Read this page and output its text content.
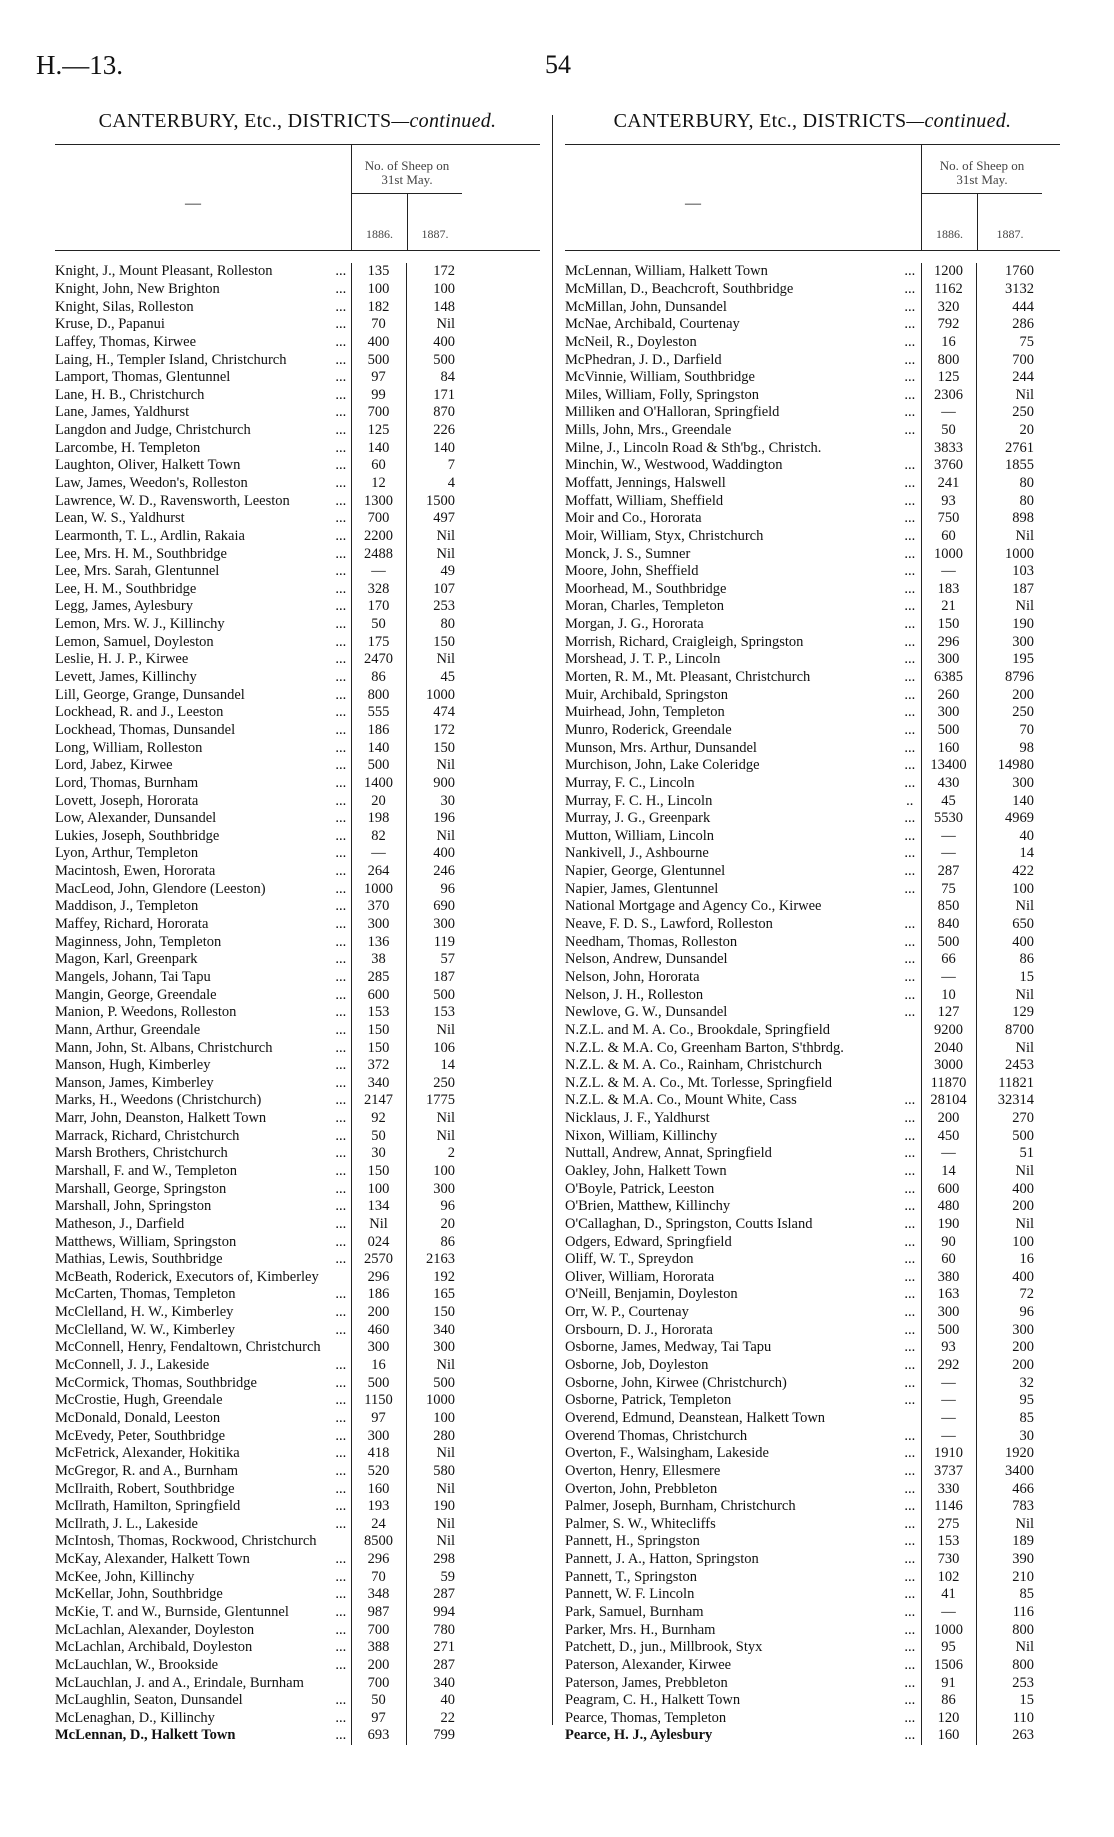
H.—13.	54
CANTERBURY, Etc., DISTRICTS—continued.
—
No. of Sheep on
31st May.
1886.	1887.
Knight, J., Mount Pleasant, Rolleston	...	135	172
Knight, John, New Brighton	...	100	100
Knight, Silas, Rolleston	...	182	148
Kruse, D., Papanui	...	70	Nil
Laffey, Thomas, Kirwee	...	400	400
Laing, H., Templer Island, Christchurch	...	500	500
Lamport, Thomas, Glentunnel	...	97	84
Lane, H. B., Christchurch	...	99	171
Lane, James, Yaldhurst	...	700	870
Langdon and Judge, Christchurch	...	125	226
Larcombe, H. Templeton	...	140	140
Laughton, Oliver, Halkett Town	...	60	7
Law, James, Weedon's, Rolleston	...	12	4
Lawrence, W. D., Ravensworth, Leeston	...	1300	1500
Lean, W. S., Yaldhurst	...	700	497
Learmonth, T. L., Ardlin, Rakaia	...	2200	Nil
Lee, Mrs. H. M., Southbridge	...	2488	Nil
Lee, Mrs. Sarah, Glentunnel	...	—	49
Lee, H. M., Southbridge	...	328	107
Legg, James, Aylesbury	...	170	253
Lemon, Mrs. W. J., Killinchy	...	50	80
Lemon, Samuel, Doyleston	...	175	150
Leslie, H. J. P., Kirwee	...	2470	Nil
Levett, James, Killinchy	...	86	45
Lill, George, Grange, Dunsandel	...	800	1000
Lockhead, R. and J., Leeston	...	555	474
Lockhead, Thomas, Dunsandel	...	186	172
Long, William, Rolleston	...	140	150
Lord, Jabez, Kirwee	...	500	Nil
Lord, Thomas, Burnham	...	1400	900
Lovett, Joseph, Hororata	...	20	30
Low, Alexander, Dunsandel	...	198	196
Lukies, Joseph, Southbridge	...	82	Nil
Lyon, Arthur, Templeton	...	—	400
Macintosh, Ewen, Hororata	...	264	246
MacLeod, John, Glendore (Leeston)	...	1000	96
Maddison, J., Templeton	...	370	690
Maffey, Richard, Hororata	...	300	300
Maginness, John, Templeton	...	136	119
Magon, Karl, Greenpark	...	38	57
Mangels, Johann, Tai Tapu	...	285	187
Mangin, George, Greendale	...	600	500
Manion, P. Weedons, Rolleston	...	153	153
Mann, Arthur, Greendale	...	150	Nil
Mann, John, St. Albans, Christchurch	...	150	106
Manson, Hugh, Kimberley	...	372	14
Manson, James, Kimberley	...	340	250
Marks, H., Weedons (Christchurch)	...	2147	1775
Marr, John, Deanston, Halkett Town	...	92	Nil
Marrack, Richard, Christchurch	...	50	Nil
Marsh Brothers, Christchurch	...	30	2
Marshall, F. and W., Templeton	...	150	100
Marshall, George, Springston	...	100	300
Marshall, John, Springston	...	134	96
Matheson, J., Darfield	...	Nil	20
Matthews, William, Springston	...	024	86
Mathias, Lewis, Southbridge	...	2570	2163
McBeath, Roderick, Executors of, Kimberley		296	192
McCarten, Thomas, Templeton	...	186	165
McClelland, H. W., Kimberley	...	200	150
McClelland, W. W., Kimberley	...	460	340
McConnell, Henry, Fendaltown, Christchurch		300	300
McConnell, J. J., Lakeside	...	16	Nil
McCormick, Thomas, Southbridge	...	500	500
McCrostie, Hugh, Greendale	...	1150	1000
McDonald, Donald, Leeston	...	97	100
McEvedy, Peter, Southbridge	...	300	280
McFetrick, Alexander, Hokitika	...	418	Nil
McGregor, R. and A., Burnham	...	520	580
McIlraith, Robert, Southbridge	...	160	Nil
McIlrath, Hamilton, Springfield	...	193	190
McIlrath, J. L., Lakeside	...	24	Nil
McIntosh, Thomas, Rockwood, Christchurch		8500	Nil
McKay, Alexander, Halkett Town	...	296	298
McKee, John, Killinchy	...	70	59
McKellar, John, Southbridge	...	348	287
McKie, T. and W., Burnside, Glentunnel	...	987	994
McLachlan, Alexander, Doyleston	...	700	780
McLachlan, Archibald, Doyleston	...	388	271
McLauchlan, W., Brookside	...	200	287
McLauchlan, J. and A., Erindale, Burnham		700	340
McLaughlin, Seaton, Dunsandel	...	50	40
McLenaghan, D., Killinchy	...	97	22
McLennan, D., Halkett Town	...	693	799
CANTERBURY, Etc., DISTRICTS—continued.
—
No. of Sheep on
31st May.
1886.	1887.
McLennan, William, Halkett Town	...	1200	1760
McMillan, D., Beachcroft, Southbridge	...	1162	3132
McMillan, John, Dunsandel	...	320	444
McNae, Archibald, Courtenay	...	792	286
McNeil, R., Doyleston	...	16	75
McPhedran, J. D., Darfield	...	800	700
McVinnie, William, Southbridge	...	125	244
Miles, William, Folly, Springston	...	2306	Nil
Milliken and O'Halloran, Springfield	...	—	250
Mills, John, Mrs., Greendale	...	50	20
Milne, J., Lincoln Road & Sth'bg., Christch.		3833	2761
Minchin, W., Westwood, Waddington	...	3760	1855
Moffatt, Jennings, Halswell	...	241	80
Moffatt, William, Sheffield	...	93	80
Moir and Co., Hororata	...	750	898
Moir, William, Styx, Christchurch	...	60	Nil
Monck, J. S., Sumner	...	1000	1000
Moore, John, Sheffield	...	—	103
Moorhead, M., Southbridge	...	183	187
Moran, Charles, Templeton	...	21	Nil
Morgan, J. G., Hororata	...	150	190
Morrish, Richard, Craigleigh, Springston	...	296	300
Morshead, J. T. P., Lincoln	...	300	195
Morten, R. M., Mt. Pleasant, Christchurch	...	6385	8796
Muir, Archibald, Springston	...	260	200
Muirhead, John, Templeton	...	300	250
Munro, Roderick, Greendale	...	500	70
Munson, Mrs. Arthur, Dunsandel	...	160	98
Murchison, John, Lake Coleridge	...	13400	14980
Murray, F. C., Lincoln	...	430	300
Murray, F. C. H., Lincoln	..	45	140
Murray, J. G., Greenpark	...	5530	4969
Mutton, William, Lincoln	...	—	40
Nankivell, J., Ashbourne	...	—	14
Napier, George, Glentunnel	...	287	422
Napier, James, Glentunnel	...	75	100
National Mortgage and Agency Co., Kirwee		850	Nil
Neave, F. D. S., Lawford, Rolleston	...	840	650
Needham, Thomas, Rolleston	...	500	400
Nelson, Andrew, Dunsandel	...	66	86
Nelson, John, Hororata	...	—	15
Nelson, J. H., Rolleston	...	10	Nil
Newlove, G. W., Dunsandel	...	127	129
N.Z.L. and M. A. Co., Brookdale, Springfield		9200	8700
N.Z.L. & M.A. Co, Greenham Barton, S'thbrdg.		2040	Nil
N.Z.L. & M. A. Co., Rainham, Christchurch		3000	2453
N.Z.L. & M. A. Co., Mt. Torlesse, Springfield		11870	11821
N.Z.L. & M.A. Co., Mount White, Cass	...	28104	32314
Nicklaus, J. F., Yaldhurst	...	200	270
Nixon, William, Killinchy	...	450	500
Nuttall, Andrew, Annat, Springfield	...	—	51
Oakley, John, Halkett Town	...	14	Nil
O'Boyle, Patrick, Leeston	...	600	400
O'Brien, Matthew, Killinchy	...	480	200
O'Callaghan, D., Springston, Coutts Island	...	190	Nil
Odgers, Edward, Springfield	...	90	100
Oliff, W. T., Spreydon	...	60	16
Oliver, William, Hororata	...	380	400
O'Neill, Benjamin, Doyleston	...	163	72
Orr, W. P., Courtenay	...	300	96
Orsbourn, D. J., Hororata	...	500	300
Osborne, James, Medway, Tai Tapu	...	93	200
Osborne, Job, Doyleston	...	292	200
Osborne, John, Kirwee (Christchurch)	...	—	32
Osborne, Patrick, Templeton	...	—	95
Overend, Edmund, Deanstean, Halkett Town		—	85
Overend Thomas, Christchurch	...	—	30
Overton, F., Walsingham, Lakeside	...	1910	1920
Overton, Henry, Ellesmere	...	3737	3400
Overton, John, Prebbleton	...	330	466
Palmer, Joseph, Burnham, Christchurch	...	1146	783
Palmer, S. W., Whitecliffs	...	275	Nil
Pannett, H., Springston	...	153	189
Pannett, J. A., Hatton, Springston	...	730	390
Pannett, T., Springston	...	102	210
Pannett, W. F. Lincoln	...	41	85
Park, Samuel, Burnham	...	—	116
Parker, Mrs. H., Burnham	...	1000	800
Patchett, D., jun., Millbrook, Styx	...	95	Nil
Paterson, Alexander, Kirwee	...	1506	800
Paterson, James, Prebbleton	...	91	253
Peagram, C. H., Halkett Town	...	86	15
Pearce, Thomas, Templeton	...	120	110
Pearce, H. J., Aylesbury	...	160	263
